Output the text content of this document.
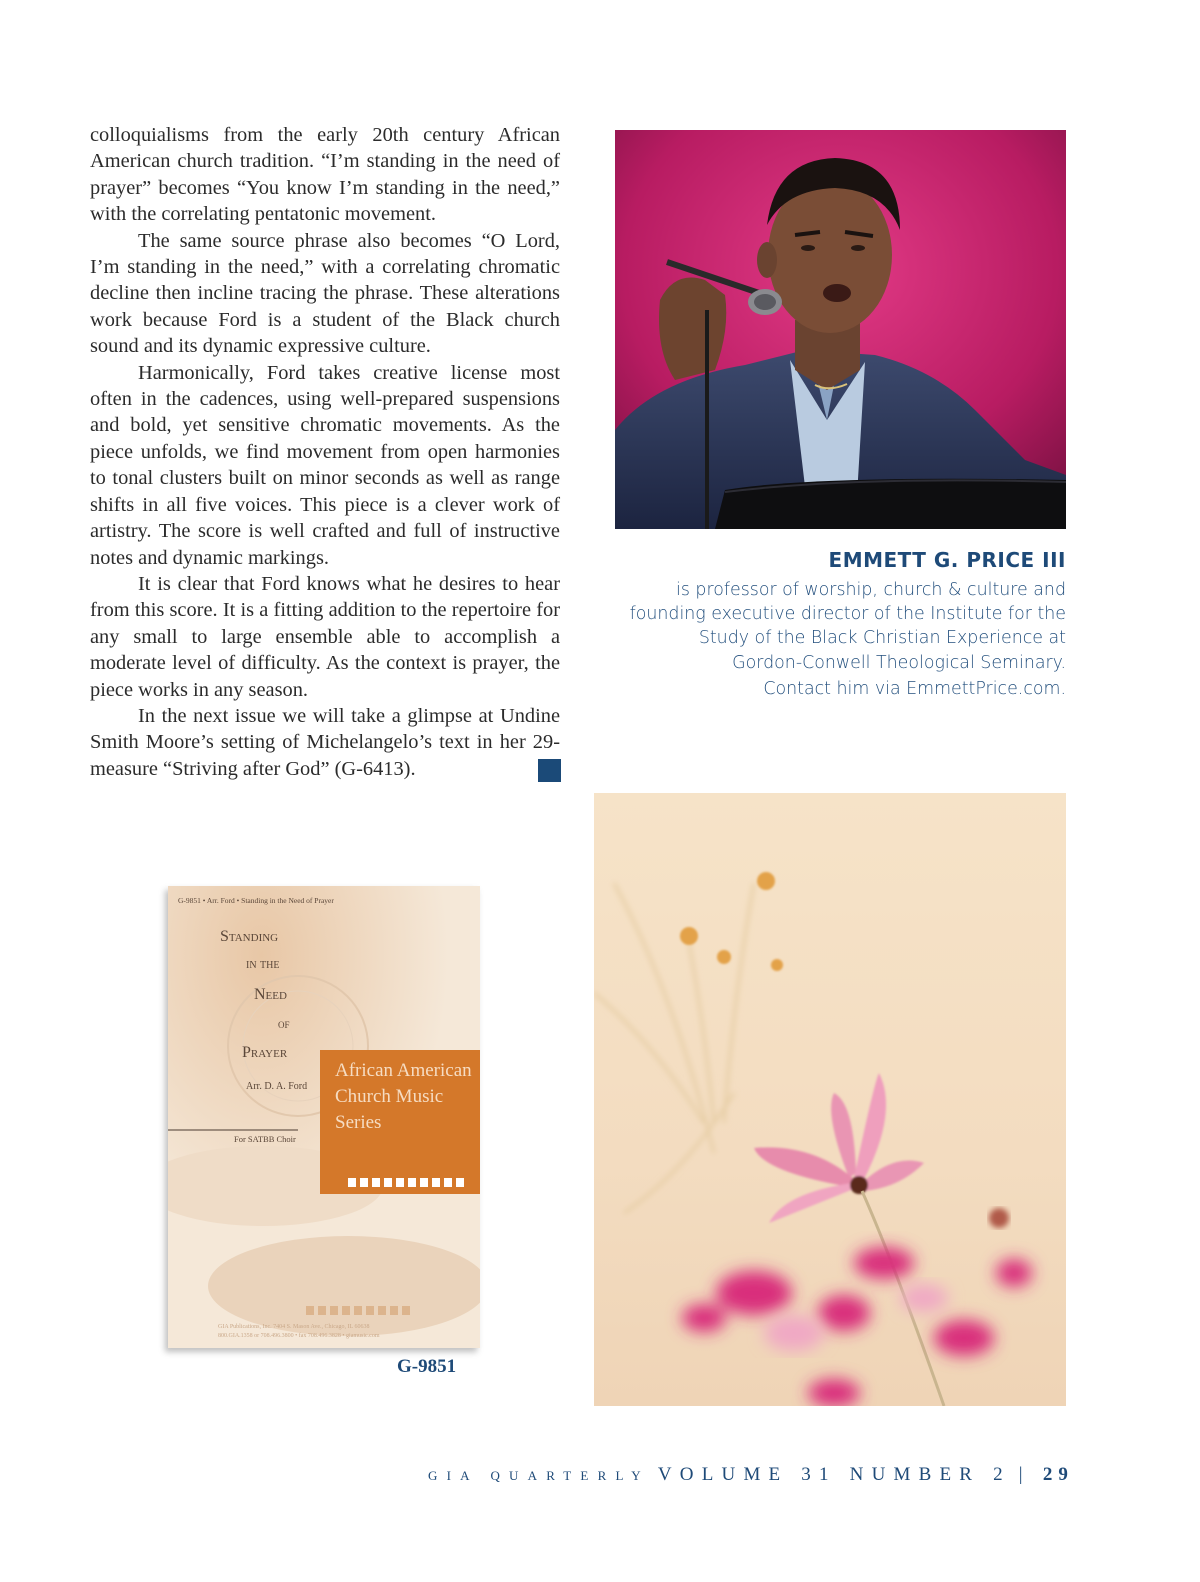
colloquialisms from the early 20th century African American church tradition. “I’m standing in the need of prayer” becomes “You know I’m standing in the need,” with the correlating pentatonic movement.

The same source phrase also becomes “O Lord, I’m standing in the need,” with a correlating chromatic decline then incline tracing the phrase. These alterations work because Ford is a student of the Black church sound and its dynamic expressive culture.

Harmonically, Ford takes creative license most often in the cadences, using well-prepared suspensions and bold, yet sensitive chromatic movements. As the piece unfolds, we find movement from open harmonies to tonal clusters built on minor seconds as well as range shifts in all five voices. This piece is a clever work of artistry. The score is well crafted and full of instructive notes and dynamic markings.

It is clear that Ford knows what he desires to hear from this score. It is a fitting addition to the repertoire for any small to large ensemble able to accomplish a moderate level of difficulty. As the context is prayer, the piece works in any season.

In the next issue we will take a glimpse at Undine Smith Moore’s setting of Michelangelo’s text in her 29-measure “Striving after God” (G-6413).

EMMETT G. PRICE III

is professor of worship, church & culture and

founding executive director of the Institute for the

Study of the Black Christian Experience at

Gordon-Conwell Theological Seminary.

Contact him via EmmettPrice.com.

G-9851 • Arr. Ford • Standing in the Need of Prayer
Standing
in the
Need
of
Prayer
Arr. D. A. Ford
For SATBB Choir
African American Church Music Series
GIA Publications, Inc. 7404 S. Mason Ave., Chicago, IL 60638
800.GIA.1358 or 708.496.3800 • fax 708.496.3828 • giamusic.com
G-9851
GIA QUARTERLY VOLUME 31 NUMBER 2 | 29
